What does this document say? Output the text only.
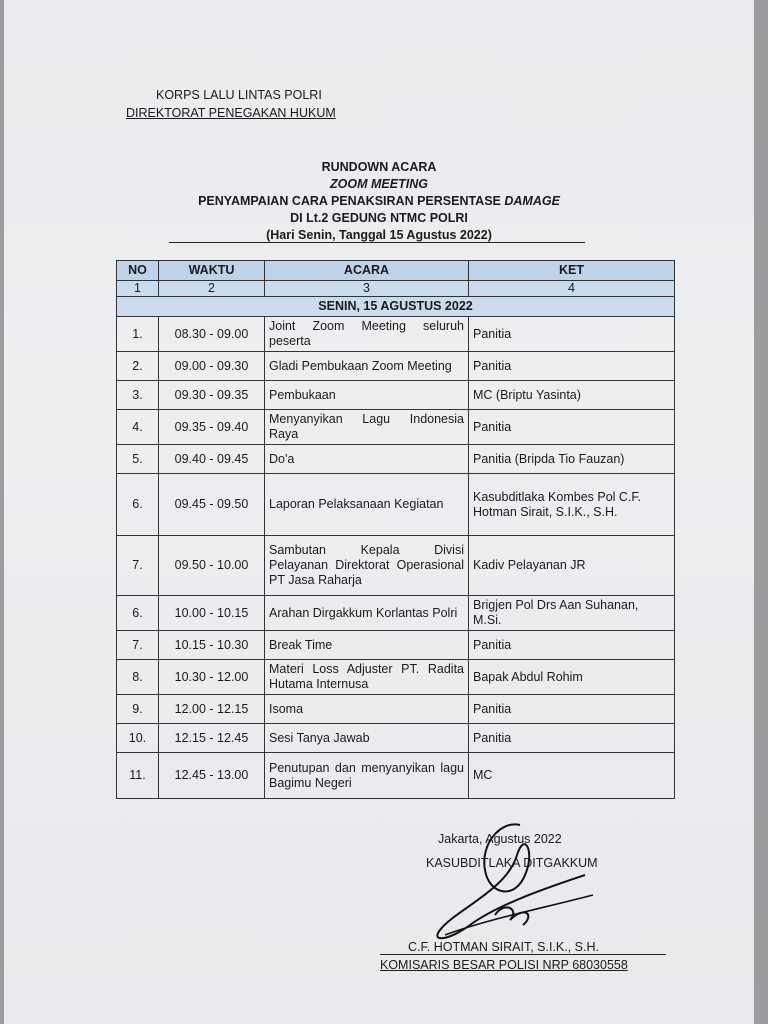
KORPS LALU LINTAS POLRI
DIREKTORAT PENEGAKAN HUKUM
RUNDOWN ACARA
ZOOM MEETING
PENYAMPAIAN CARA PENAKSIRAN PERSENTASE DAMAGE
DI Lt.2 GEDUNG NTMC POLRI
(Hari Senin, Tanggal 15 Agustus 2022)
NO	WAKTU	ACARA	KET
1	2	3	4
SENIN, 15 AGUSTUS 2022			
1.	08.30 - 09.00	Joint Zoom Meeting seluruh peserta	Panitia
2.	09.00 - 09.30	Gladi Pembukaan Zoom Meeting	Panitia
3.	09.30 - 09.35	Pembukaan	MC (Briptu Yasinta)
4.	09.35 - 09.40	Menyanyikan Lagu Indonesia Raya	Panitia
5.	09.40 - 09.45	Do'a	Panitia (Bripda Tio Fauzan)
6.	09.45 - 09.50	Laporan Pelaksanaan Kegiatan	Kasubditlaka Kombes Pol C.F. Hotman Sirait, S.I.K., S.H.
7.	09.50 - 10.00	Sambutan Kepala Divisi Pelayanan Direktorat Operasional PT Jasa Raharja	Kadiv Pelayanan JR
6.	10.00 - 10.15	Arahan Dirgakkum Korlantas Polri	Brigjen Pol Drs Aan Suhanan, M.Si.
7.	10.15 - 10.30	Break Time	Panitia
8.	10.30 - 12.00	Materi Loss Adjuster PT. Radita Hutama Internusa	Bapak Abdul Rohim
9.	12.00 - 12.15	Isoma	Panitia
10.	12.15 - 12.45	Sesi Tanya Jawab	Panitia
11.	12.45 - 13.00	Penutupan dan menyanyikan lagu Bagimu Negeri	MC
Jakarta, Agustus 2022
KASUBDITLAKA DITGAKKUM
C.F. HOTMAN SIRAIT, S.I.K., S.H.
KOMISARIS BESAR POLISI NRP 68030558
